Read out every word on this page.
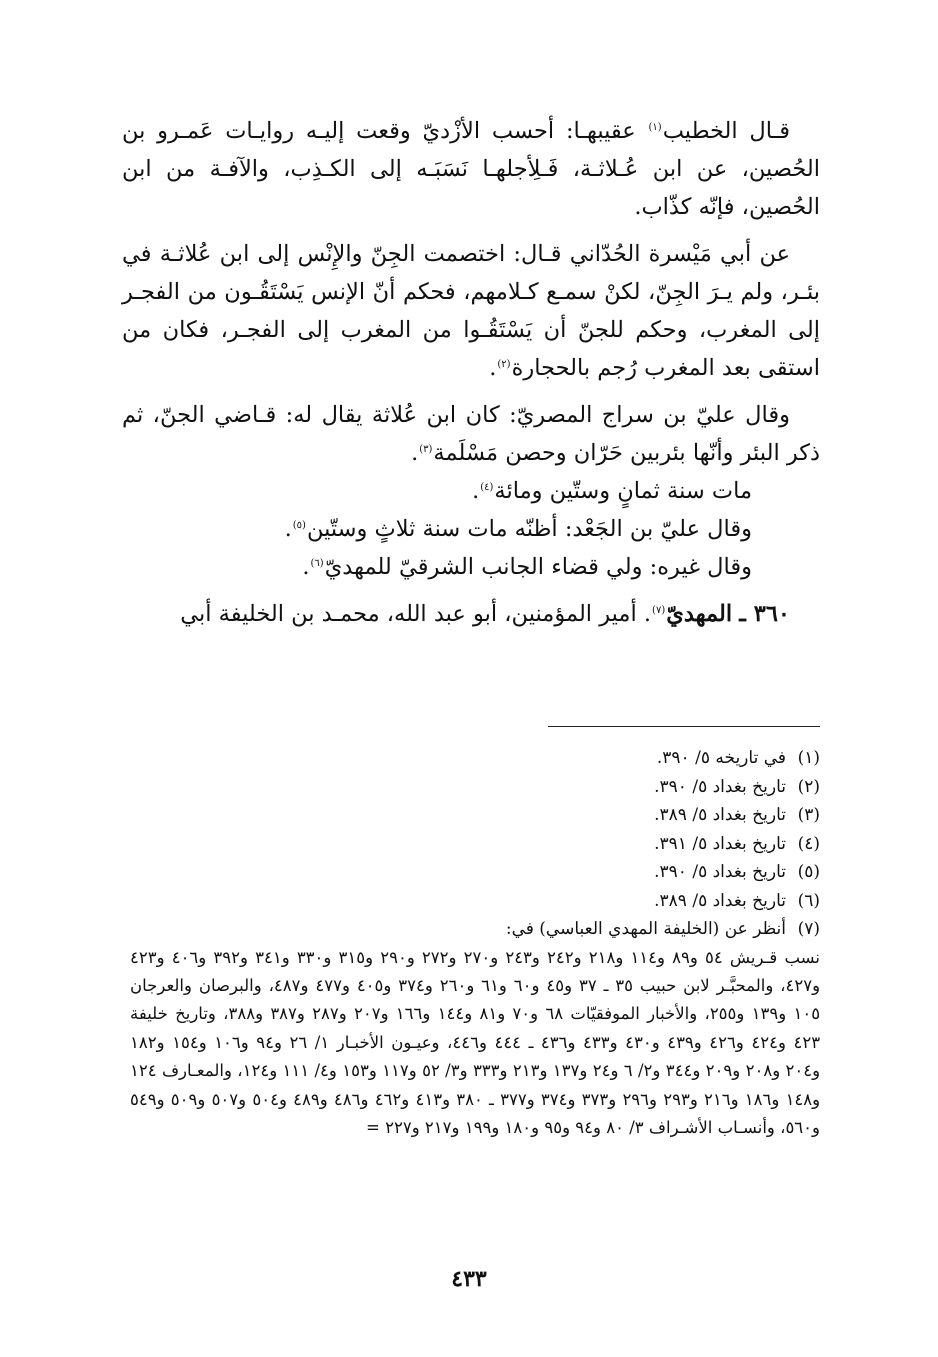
قـال الخطيب$^{(١)}$ عقيبهـا: أحسب الأزْديّ وقعت إليـه روايـات عَمـرو بن الحُصين، عن ابن عُـلاثـة، فَـلِأجلهـا نَسَبَـه إلى الكـذِب، والآفـة من ابن الحُصين، فإنّه كذّاب.

عن أبي مَيْسرة الحُدّاني قـال: اختصمت الجِنّ والإِنْس إلى ابن عُلاثـة في بئـر، ولم يـرَ الجِنّ، لكنْ سمـع كـلامهم، فحكم أنّ الإنس يَسْتَقُـون من الفجـر إلى المغرب، وحكم للجنّ أن يَسْتَقُـوا من المغرب إلى الفجـر، فكان من استقى بعد المغرب رُجم بالحجارة$^{(٢)}$.

وقال عليّ بن سراج المصريّ: كان ابن عُلاثة يقال له: قـاضي الجنّ، ثم ذكر البئر وأنّها بئربين حَرّان وحصن مَسْلَمة$^{(٣)}$.

مات سنة ثمانٍ وستّين ومائة$^{(٤)}$.

وقال عليّ بن الجَعْد: أظنّه مات سنة ثلاثٍ وستّين$^{(٥)}$.

وقال غيره: ولي قضاء الجانب الشرقيّ للمهديّ$^{(٦)}$.

٣٦٠ ـ المهديّ$^{(٧)}$. أمير المؤمنين، أبو عبد الله، محمـد بن الخليفة أبي

(١)في تاريخه ٥/ ٣٩٠.

(٢)تاريخ بغداد ٥/ ٣٩٠.

(٣)تاريخ بغداد ٥/ ٣٨٩.

(٤)تاريخ بغداد ٥/ ٣٩١.

(٥)تاريخ بغداد ٥/ ٣٩٠.

(٦)تاريخ بغداد ٥/ ٣٨٩.

(٧)أنظر عن (الخليفة المهدي العباسي) في:

نسب قـريش ٥٤ و٨٩ و١١٤ و٢١٨ و٢٤٢ و٢٤٣ و٢٧٠ و٢٧٢ و٢٩٠ و٣١٥ و٣٣٠ و٣٤١ و٣٩٢ و٤٠٦ و٤٢٣ و٤٢٧، والمحبَّـر لابن حبيب ٣٥ ـ ٣٧ و٤٥ و٦٠ و٦١ و٢٦٠ و٣٧٤ و٤٠٥ و٤٧٧ و٤٨٧، والبرصان والعرجان ١٠٥ و١٣٩ و٢٥٥، والأخبار الموفقيّات ٦٨ و٧٠ و٨١ و١٤٤ و١٦٦ و٢٠٧ و٢٨٧ و٣٨٧ و٣٨٨، وتاريخ خليفة ٤٢٣ و٤٢٤ و٤٢٦ و٤٣٩ و٤٣٠ و٤٣٣ و٤٣٦ ـ ٤٤٤ و٤٤٦، وعيـون الأخبـار ١/ ٢٦ و٩٤ و١٠٦ و١٥٤ و١٨٢ و٢٠٤ و٢٠٨ و٢٠٩ و٣٤٤ و٢/ ٦ و٢٤ و١٣٧ و٢١٣ و٣٣٣ و٣/ ٥٢ و١١٧ و١٥٣ و٤/ ١١١ و١٢٤، والمعـارف ١٢٤ و١٤٨ و١٨٦ و٢١٦ و٢٩٣ و٢٩٦ و٣٧٣ و٣٧٤ و٣٧٧ ـ ٣٨٠ و٤١٣ و٤٦٢ و٤٨٦ و٤٨٩ و٥٠٤ و٥٠٧ و٥٠٩ و٥٤٩ و٥٦٠، وأنسـاب الأشـراف ٣/ ٨٠ و٩٤ و٩٥ و١٨٠ و١٩٩ و٢١٧ و٢٢٧ =

٤٣٣
